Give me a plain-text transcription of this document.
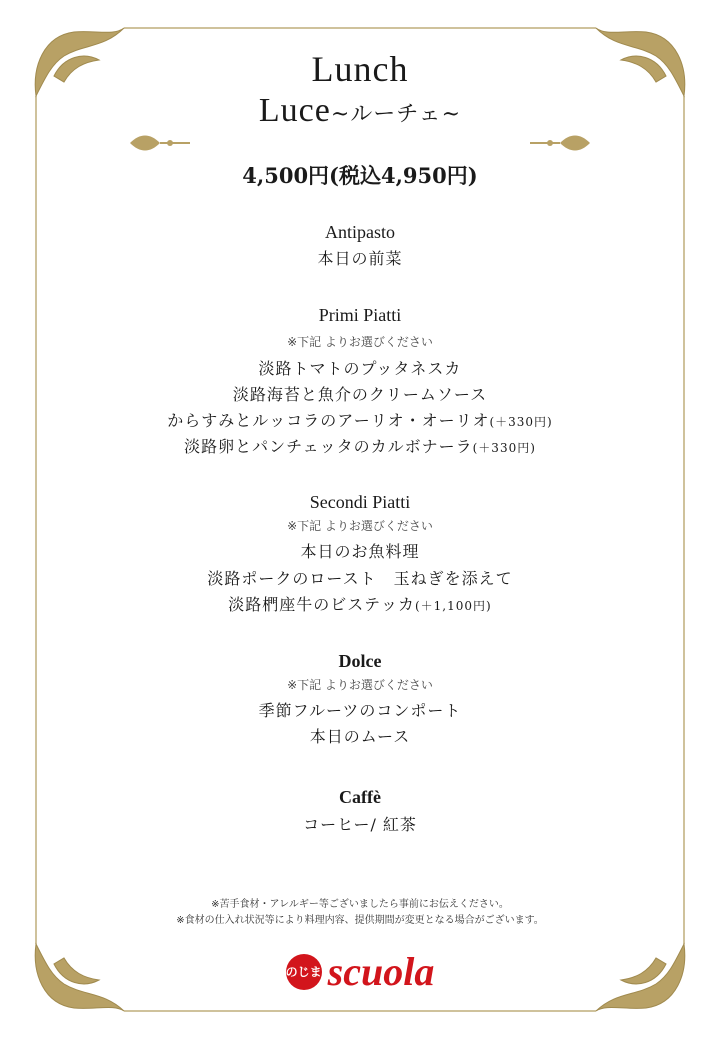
Lunch
Luce~ルーチェ~
4,500円(税込4,950円)
Antipasto
本日の前菜
Primi Piatti
※下記 よりお選びください
淡路トマトのプッタネスカ
淡路海苔と魚介のクリームソース
からすみとルッコラのアーリオ・オーリオ(＋330円)
淡路卵とパンチェッタのカルボナーラ(＋330円)
Secondi Piatti
※下記 よりお選びください
本日のお魚料理
淡路ポークのロースト　玉ねぎを添えて
淡路椚座牛のビステッカ(＋1,100円)
Dolce
※下記 よりお選びください
季節フルーツのコンポート
本日のムース
Caffè
コーヒー/ 紅茶
※苦手食材・アレルギー等ございましたら事前にお伝えください。
※食材の仕入れ状況等により料理内容、提供期間が変更となる場合がございます。
のじま scuola
